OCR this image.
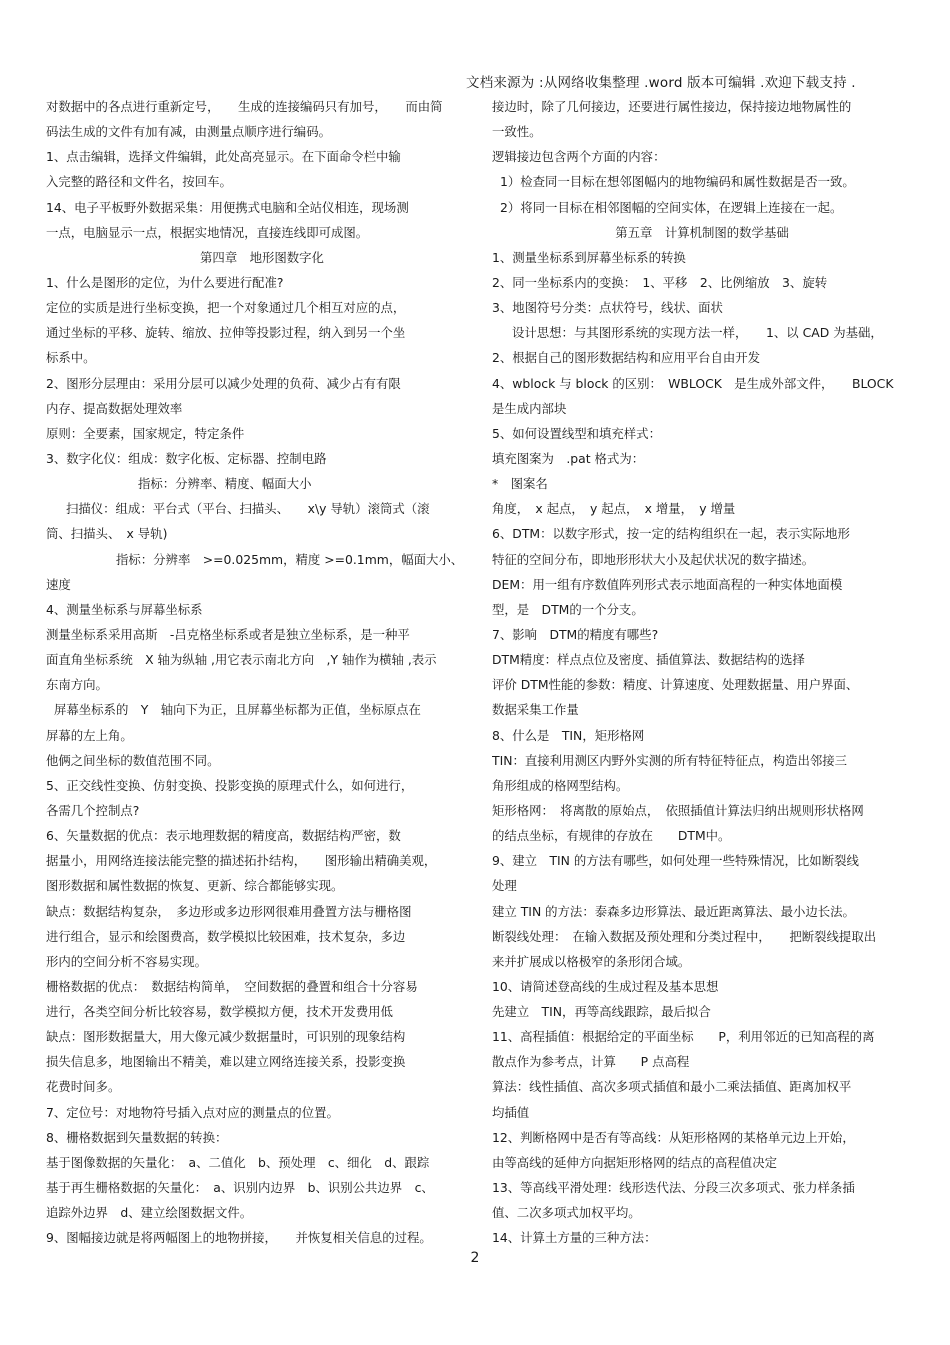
文档来源为 :从网络收集整理 .word 版本可编辑 .欢迎下载支持 .
对数据中的各点进行重新定号，　　生成的连接编码只有加号，　　而由简
码法生成的文件有加有减，由测量点顺序进行编码。
1、点击编辑，选择文件编辑，此处高亮显示。在下面命令栏中输
入完整的路径和文件名，按回车。
14、电子平板野外数据采集：用便携式电脑和全站仪相连，现场测
一点，电脑显示一点，根据实地情况，直接连线即可成图。
第四章　地形图数字化
1、什么是图形的定位，为什么要进行配准?
定位的实质是进行坐标变换，把一个对象通过几个相互对应的点，
通过坐标的平移、旋转、缩放、拉伸等投影过程，纳入到另一个坐
标系中。
2、图形分层理由：采用分层可以减少处理的负荷、减少占有有限
内存、提高数据处理效率
原则：全要素，国家规定，特定条件
3、数字化仪：组成：数字化板、定标器、控制电路
指标：分辨率、精度、幅面大小
扫描仪：组成：平台式（平台、扫描头、　　x\y 导轨）滚筒式（滚
筒、扫描头、　x 导轨)
指标：分辨率　>=0.025mm，精度 >=0.1mm，幅面大小、
速度
4、测量坐标系与屏幕坐标系
测量坐标系采用高斯　-吕克格坐标系或者是独立坐标系，是一种平
面直角坐标系统　X 轴为纵轴 ,用它表示南北方向　,Y 轴作为横轴 ,表示
东南方向。
屏幕坐标系的　Y　轴向下为正，且屏幕坐标都为正值，坐标原点在
屏幕的左上角。
他俩之间坐标的数值范围不同。
5、正交线性变换、仿射变换、投影变换的原理式什么，如何进行，
各需几个控制点?
6、矢量数据的优点：表示地理数据的精度高，数据结构严密，数
据量小，用网络连接法能完整的描述拓扑结构，　　图形输出精确美观，
图形数据和属性数据的恢复、更新、综合都能够实现。
缺点：数据结构复杂，　多边形或多边形网很难用叠置方法与栅格图
进行组合，显示和绘图费高，数学模拟比较困难，技术复杂，多边
形内的空间分析不容易实现。
栅格数据的优点：　数据结构简单，　空间数据的叠置和组合十分容易
进行，各类空间分析比较容易，数学模拟方便，技术开发费用低
缺点：图形数据量大，用大像元减少数据量时，可识别的现象结构
损失信息多，地图输出不精美，难以建立网络连接关系，投影变换
花费时间多。
7、定位号：对地物符号插入点对应的测量点的位置。
8、栅格数据到矢量数据的转换：
基于图像数据的矢量化：　a、二值化　b、预处理　c、细化　d、跟踪
基于再生栅格数据的矢量化：　a、识别内边界　b、识别公共边界　c、
追踪外边界　d、建立绘图数据文件。
9、图幅接边就是将两幅图上的地物拼接，　　并恢复相关信息的过程。
接边时，除了几何接边，还要进行属性接边，保持接边地物属性的
一致性。
逻辑接边包含两个方面的内容：
1）检查同一目标在想邻图幅内的地物编码和属性数据是否一致。
2）将同一目标在相邻图幅的空间实体，在逻辑上连接在一起。
第五章　计算机制图的数学基础
1、测量坐标系到屏幕坐标系的转换
2、同一坐标系内的变换：　1、平移　2、比例缩放　3、旋转
3、地图符号分类：点状符号，线状、面状
设计思想：与其图形系统的实现方法一样，　　1、以 CAD 为基础，
2、根据自己的图形数据结构和应用平台自由开发
4、wblock 与 block 的区别：　WBLOCK　是生成外部文件，　　BLOCK
是生成内部块
5、如何设置线型和填充样式：
填充图案为　.pat 格式为：
*　图案名
角度，　x 起点，　y 起点，　x 增量，　y 增量
6、DTM：以数字形式，按一定的结构组织在一起，表示实际地形
特征的空间分布，即地形形状大小及起伏状况的数字描述。
DEM：用一组有序数值阵列形式表示地面高程的一种实体地面模
型，是　DTM的一个分支。
7、影响　DTM的精度有哪些?
DTM精度：样点点位及密度、插值算法、数据结构的选择
评价 DTM性能的参数：精度、计算速度、处理数据量、用户界面、
数据采集工作量
8、什么是　TIN，矩形格网
TIN：直接利用测区内野外实测的所有特征特征点，构造出邻接三
角形组成的格网型结构。
矩形格网：　将离散的原始点，　依照插值计算法归纳出规则形状格网
的结点坐标，有规律的存放在　　DTM中。
9、建立　TIN 的方法有哪些，如何处理一些特殊情况，比如断裂线
处理
建立 TIN 的方法：泰森多边形算法、最近距离算法、最小边长法。
断裂线处理：　在输入数据及预处理和分类过程中，　　把断裂线提取出
来并扩展成以格极窄的条形闭合域。
10、请简述登高线的生成过程及基本思想
先建立　TIN，再等高线跟踪，最后拟合
11、高程插值：根据给定的平面坐标　　P，利用邻近的已知高程的离
散点作为参考点，计算　　P 点高程
算法：线性插值、高次多项式插值和最小二乘法插值、距离加权平
均插值
12、判断格网中是否有等高线：从矩形格网的某格单元边上开始，
由等高线的延伸方向据矩形格网的结点的高程值决定
13、等高线平滑处理：线形迭代法、分段三次多项式、张力样条插
值、二次多项式加权平均。
14、计算土方量的三种方法：
2
